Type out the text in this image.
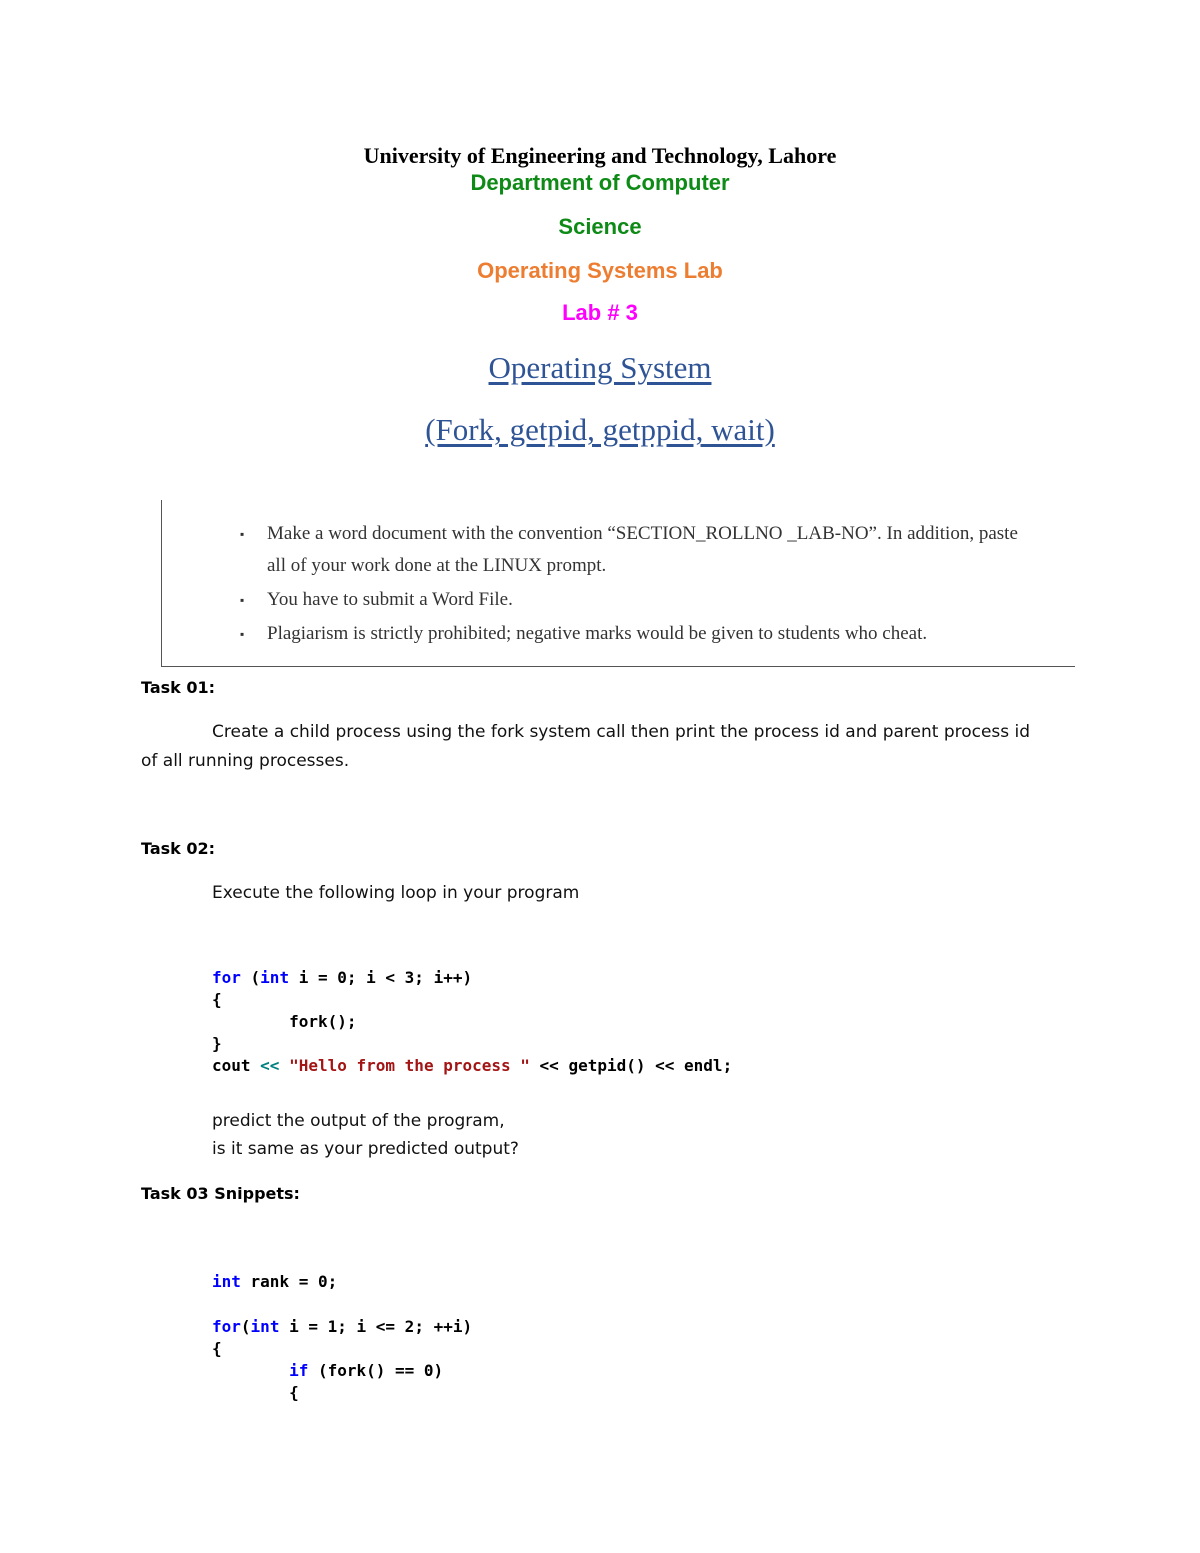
University of Engineering and Technology, Lahore
Department of Computer
Science
Operating Systems Lab
Lab # 3
Operating System
(Fork, getpid, getppid, wait)
▪ Make a word document with the convention “SECTION_ROLLNO _LAB-NO”. In addition, paste all of your work done at the LINUX prompt.
▪ You have to submit a Word File.
▪ Plagiarism is strictly prohibited; negative marks would be given to students who cheat.
Task 01:
Create a child process using the fork system call then print the process id and parent process id
of all running processes.
Task 02:
Execute the following loop in your program
for (int i = 0; i < 3; i++)
{
fork();
}
cout << "Hello from the process " << getpid() << endl;
predict the output of the program,
is it same as your predicted output?
Task 03 Snippets:
int rank = 0;
for(int i = 1; i <= 2; ++i)
{
if (fork() == 0)
{
